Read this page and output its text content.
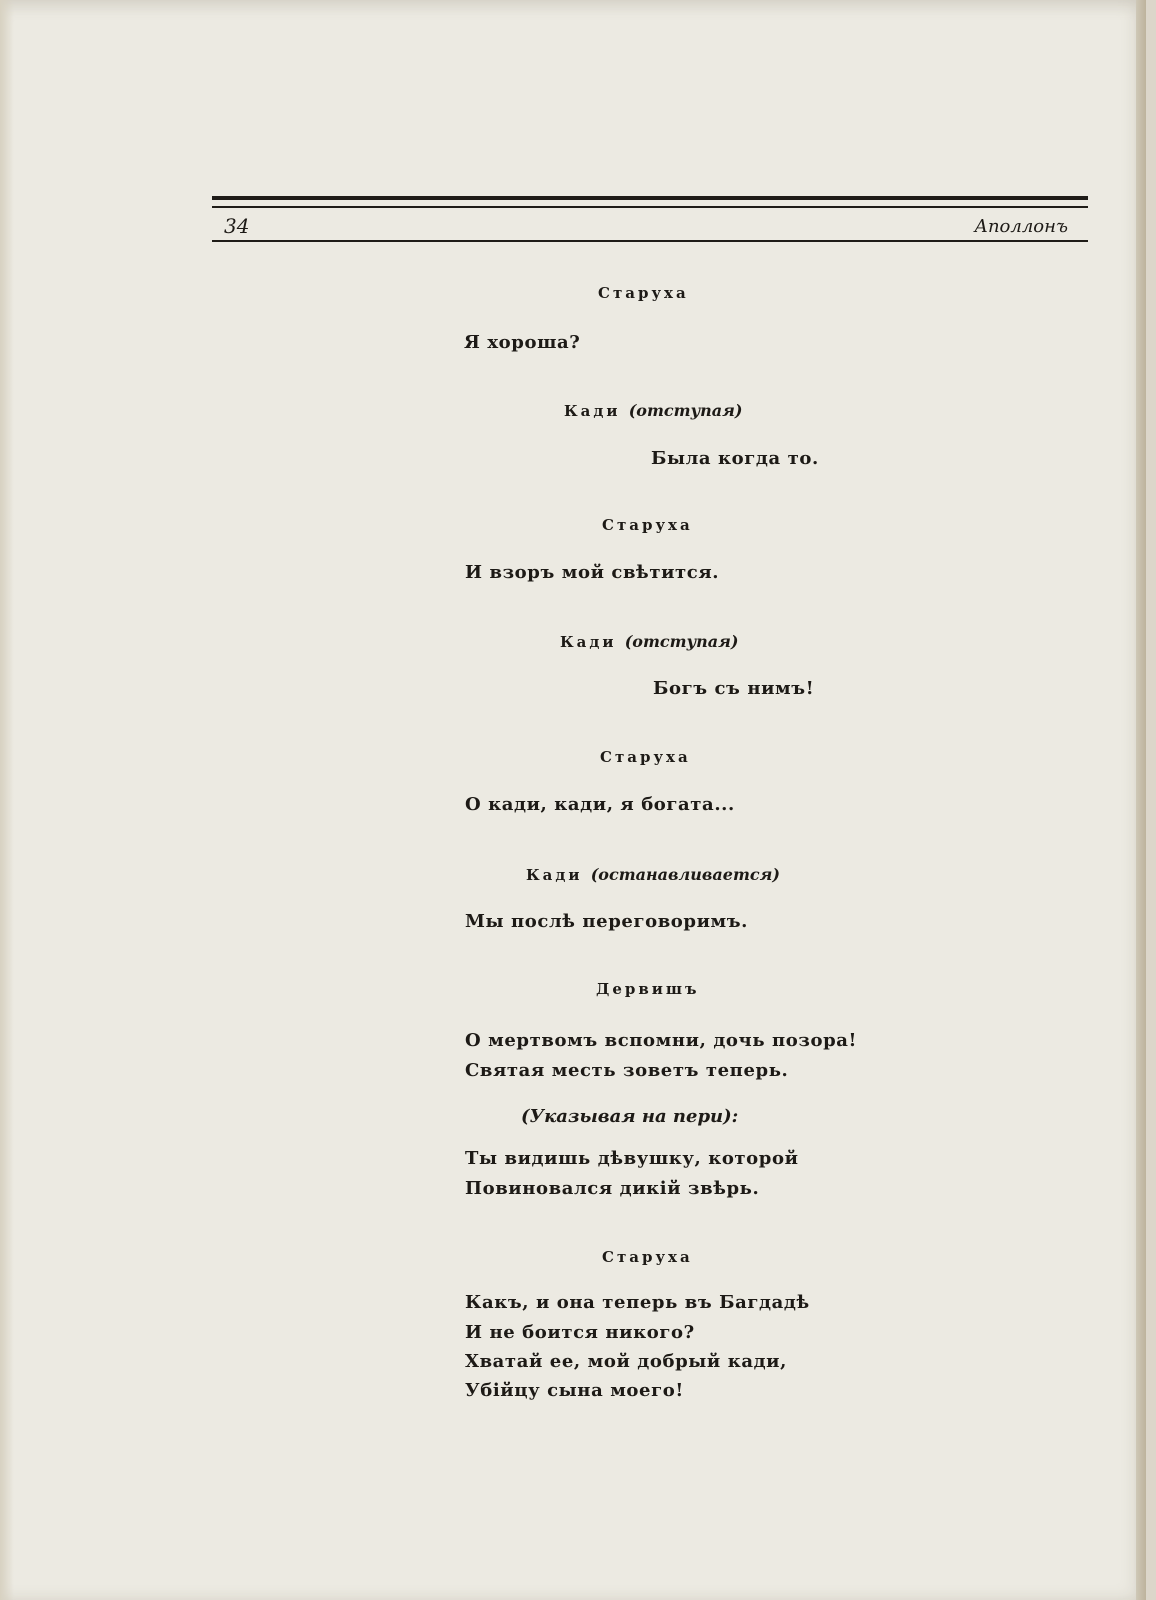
34	Аполлонъ
Старуха
Я хороша?
Кади (отступая)
Была когда то.
Старуха
И взоръ мой свѣтится.
Кади (отступая)
Богъ съ нимъ!
Старуха
О кади, кади, я богата...
Кади (останавливается)
Мы послѣ переговоримъ.
Дервишъ
О мертвомъ вспомни, дочь позора!
Святая месть зоветъ теперь.
(Указывая на пери):
Ты видишь дѣвушку, которой
Повиновался дикій звѣрь.
Старуха
Какъ, и она теперь въ Багдадѣ
И не боится никого?
Хватай ее, мой добрый кади,
Убійцу сына моего!
